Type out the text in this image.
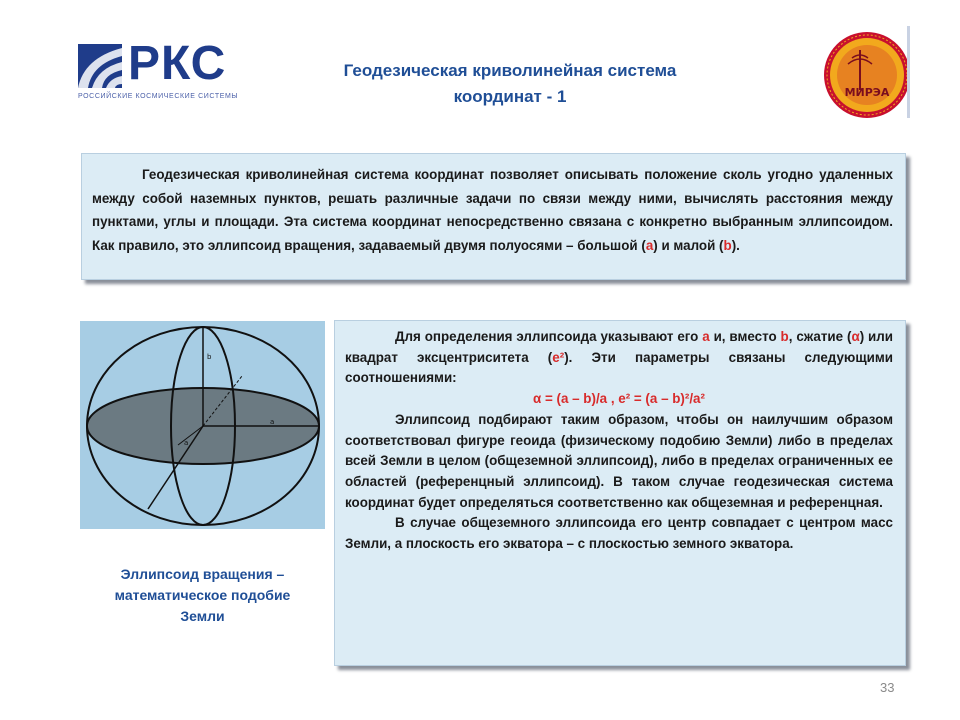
РКС
РОССИЙСКИЕ КОСМИЧЕСКИЕ СИСТЕМЫ
Геодезическая криволинейная система
координат - 1	МИРЭА

Геодезическая криволинейная система координат позволяет описывать положение сколь угодно удаленных между собой наземных пунктов, решать различные задачи по связи между ними, вычислять расстояния между пунктами, углы и площади. Эта система координат непосредственно связана с конкретно выбранным эллипсоидом. Как правило, это эллипсоид вращения, задаваемый двумя полуосями – большой (a) и малой (b).

b
a
a
Эллипсоид вращения –
математическое подобие
Земли

Для определения эллипсоида указывают его a и, вместо b, сжатие (α) или квадрат эксцентриситета (e²). Эти параметры связаны следующими соотношениями:

α = (a – b)/a , e² = (a – b)²/a²

Эллипсоид подбирают таким образом, чтобы он наилучшим образом соответствовал фигуре геоида (физическому подобию Земли) либо в пределах всей Земли в целом (общеземной эллипсоид), либо в пределах ограниченных ее областей (референцный эллипсоид). В таком случае геодезическая система координат будет определяться соответственно как общеземная и референцная.

В случае общеземного эллипсоида его центр совпадает с центром масс Земли, а плоскость его экватора – с плоскостью земного экватора.

33
